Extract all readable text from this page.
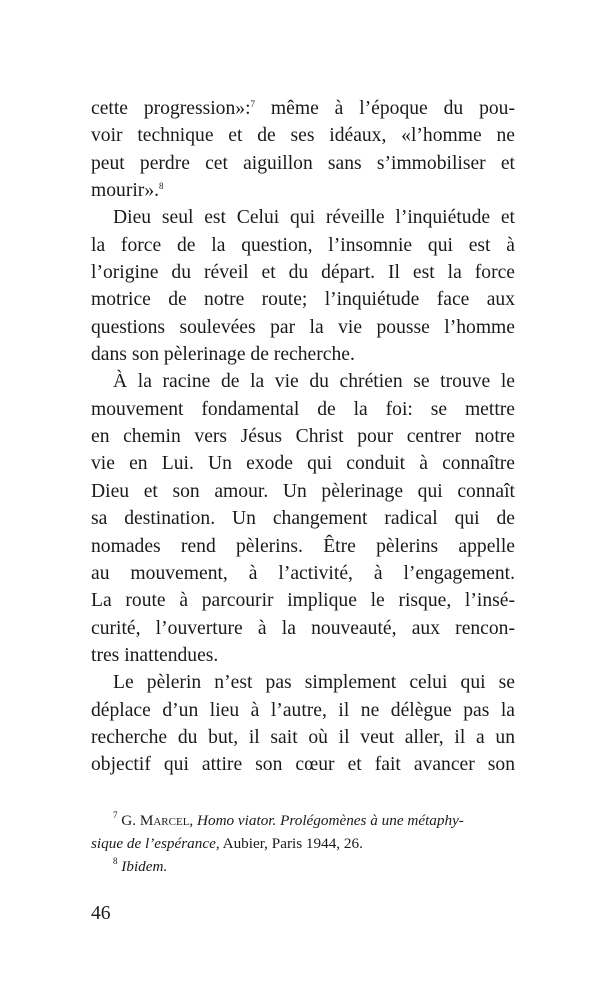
cette progression»:$^7$ même à l’époque du pou-
voir technique et de ses idéaux, «l’homme ne
peut perdre cet aiguillon sans s’immobiliser et
mourir».$^8$
Dieu seul est Celui qui réveille l’inquiétude et
la force de la question, l’insomnie qui est à
l’origine du réveil et du départ. Il est la force
motrice de notre route; l’inquiétude face aux
questions soulevées par la vie pousse l’homme
dans son pèlerinage de recherche.
À la racine de la vie du chrétien se trouve le
mouvement fondamental de la foi: se mettre
en chemin vers Jésus Christ pour centrer notre
vie en Lui. Un exode qui conduit à connaître
Dieu et son amour. Un pèlerinage qui connaît
sa destination. Un changement radical qui de
nomades rend pèlerins. Être pèlerins appelle
au mouvement, à l’activité, à l’engagement.
La route à parcourir implique le risque, l’insé-
curité, l’ouverture à la nouveauté, aux rencon-
tres inattendues.
Le pèlerin n’est pas simplement celui qui se
déplace d’un lieu à l’autre, il ne délègue pas la
recherche du but, il sait où il veut aller, il a un
objectif qui attire son cœur et fait avancer son
$^7$ G. Marcel, Homo viator. Prolégomènes à une métaphy-
sique de l’espérance, Aubier, Paris 1944, 26.
$^8$ Ibidem.
46
